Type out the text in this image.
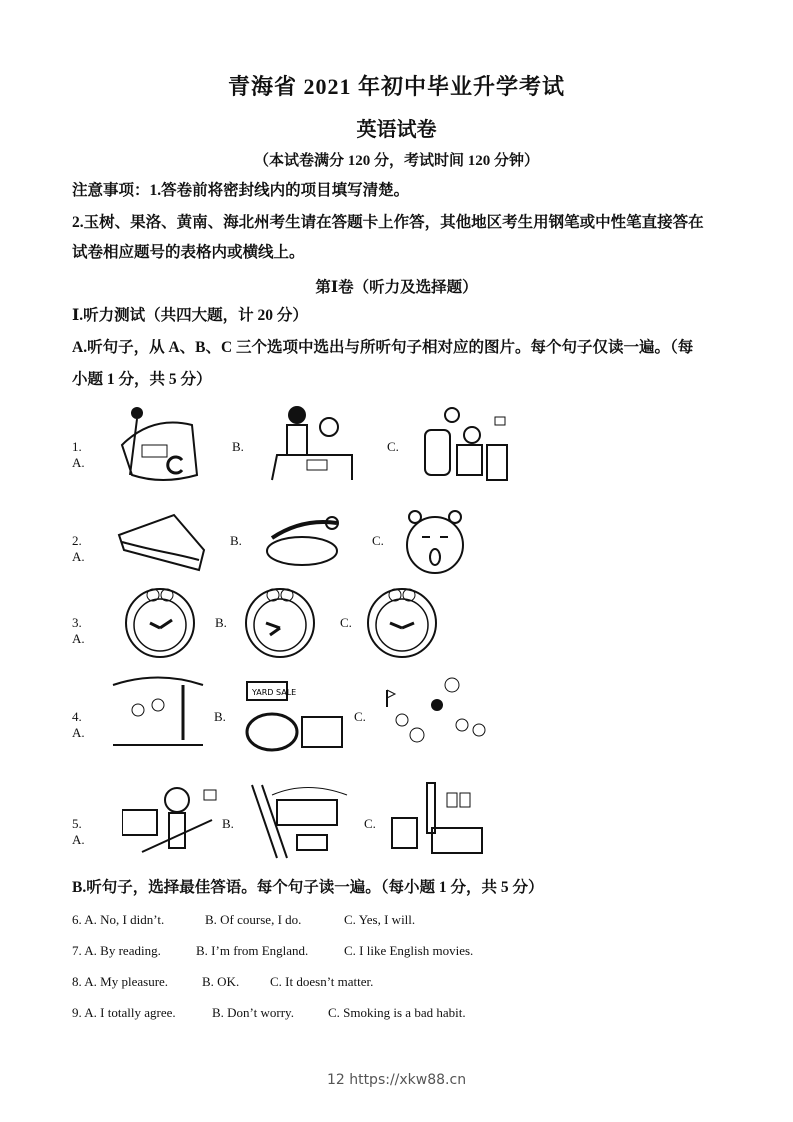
青海省 2021 年初中毕业升学考试
英语试卷
（本试卷满分 120 分，考试时间 120 分钟）
注意事项：1.答卷前将密封线内的项目填写清楚。
2.玉树、果洛、黄南、海北州考生请在答题卡上作答，其他地区考生用钢笔或中性笔直接答在
试卷相应题号的表格内或横线上。
第Ⅰ卷（听力及选择题）
Ⅰ.听力测试（共四大题，计 20 分）
A.听句子，从 A、B、C 三个选项中选出与所听句子相对应的图片。每个句子仅读一遍。（每
小题 1 分，共 5 分）
1. A.
B.	C.
2. A.
B.	C.
3. A.
B.	C.
4. A.
B.
YARD SALE
C.
5. A.
B.	C.
B.听句子，选择最佳答语。每个句子读一遍。（每小题 1 分，共 5 分）
6. A. No, I didn’t.	B. Of course, I do.	C. Yes, I will.
7. A. By reading.	B. I’m from England.	C. I like English movies.
8. A. My pleasure.	B. OK. C. It doesn’t matter.
9. A. I totally agree.	B. Don’t worry.	C. Smoking is a bad habit.
12 https://xkw88.cn
